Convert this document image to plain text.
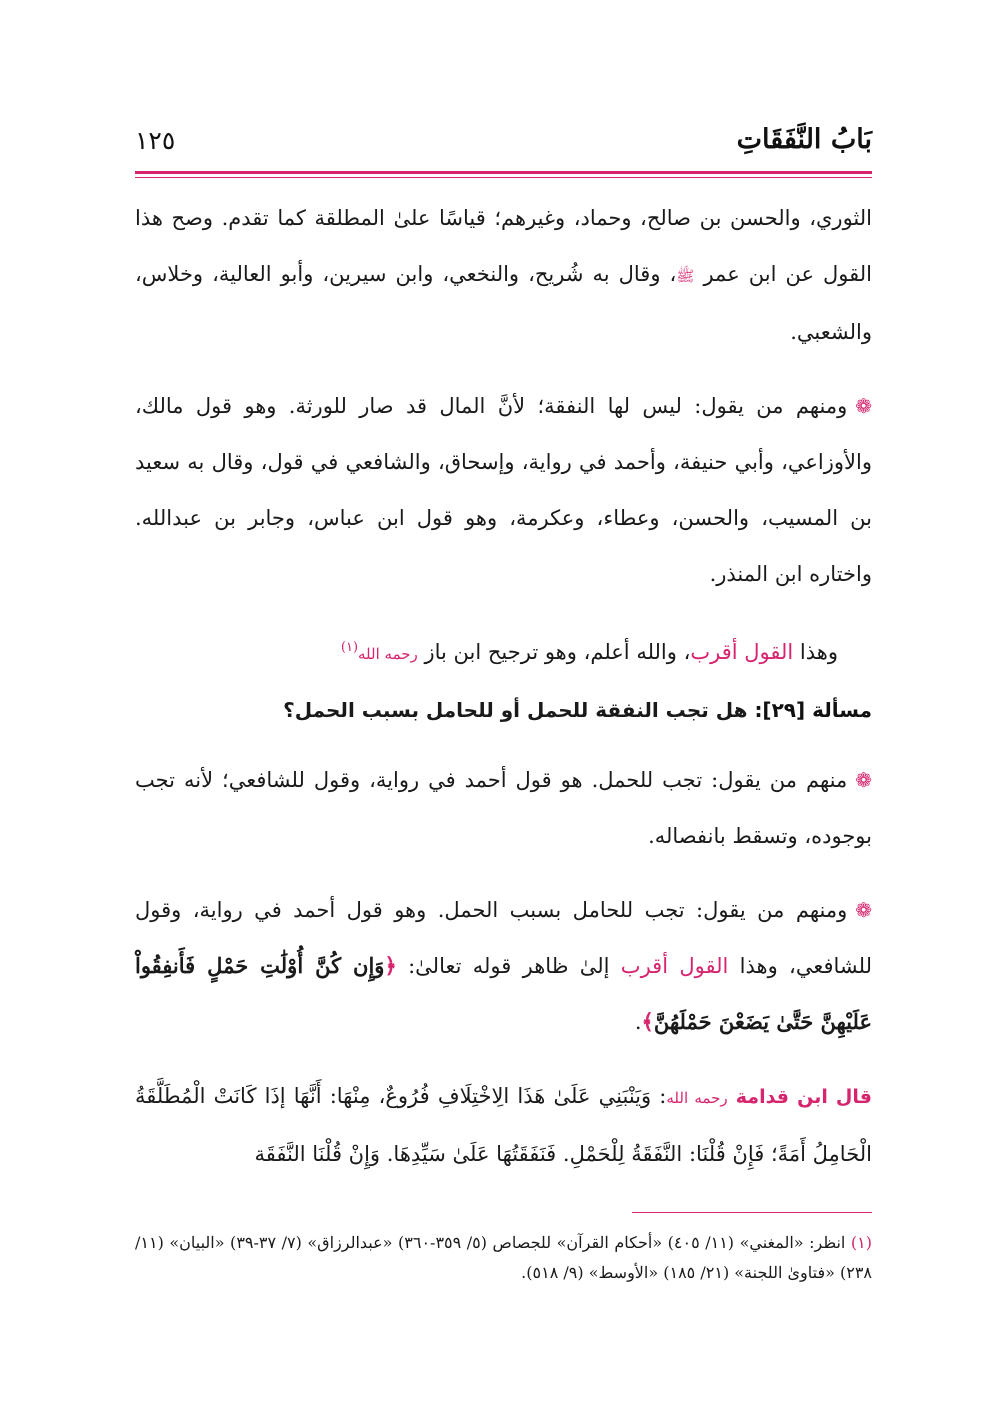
بَابُ النَّفَقَاتِ
١٢٥

الثوري، والحسن بن صالح، وحماد، وغيرهم؛ قياسًا علىٰ المطلقة كما تقدم. وصح هذا القول عن ابن عمر ﷺ، وقال به شُريح، والنخعي، وابن سيرين، وأبو العالية، وخلاس، والشعبي.

❁ومنهم من يقول: ليس لها النفقة؛ لأنَّ المال قد صار للورثة. وهو قول مالك، والأوزاعي، وأبي حنيفة، وأحمد في رواية، وإسحاق، والشافعي في قول، وقال به سعيد بن المسيب، والحسن، وعطاء، وعكرمة، وهو قول ابن عباس، وجابر بن عبدالله. واختاره ابن المنذر.

وهذا القول أقرب، والله أعلم، وهو ترجيح ابن باز رحمه الله$^{(١)}$

مسألة [٢٩]: هل تجب النفقة للحمل أو للحامل بسبب الحمل؟

❁منهم من يقول: تجب للحمل. هو قول أحمد في رواية، وقول للشافعي؛ لأنه تجب بوجوده، وتسقط بانفصاله.

❁ومنهم من يقول: تجب للحامل بسبب الحمل. وهو قول أحمد في رواية، وقول للشافعي، وهذا القول أقرب إلىٰ ظاهر قوله تعالىٰ: ﴿وَإِن كُنَّ أُوْلَٰتِ حَمْلٍ فَأَنفِقُواْ عَلَيْهِنَّ حَتَّىٰ يَضَعْنَ حَمْلَهُنَّ﴾.

قال ابن قدامة رحمه الله: وَيَنْبَنِي عَلَىٰ هَذَا الِاخْتِلَافِ فُرُوعٌ، مِنْهَا: أَنَّهَا إذَا كَانَتْ الْمُطَلَّقَةُ الْحَامِلُ أَمَةً؛ فَإِنْ قُلْنَا: النَّفَقَةُ لِلْحَمْلِ. فَنَفَقَتُهَا عَلَىٰ سَيِّدِهَا. وَإِنْ قُلْنَا النَّفَقَة

(١) انظر: «المغني» (١١/ ٤٠٥) «أحكام القرآن» للجصاص (٥/ ٣٥٩-٣٦٠) «عبدالرزاق» (٧/ ٣٧-٣٩) «البيان» (١١/ ٢٣٨) «فتاوىٰ اللجنة» (٢١/ ١٨٥) «الأوسط» (٩/ ٥١٨).
